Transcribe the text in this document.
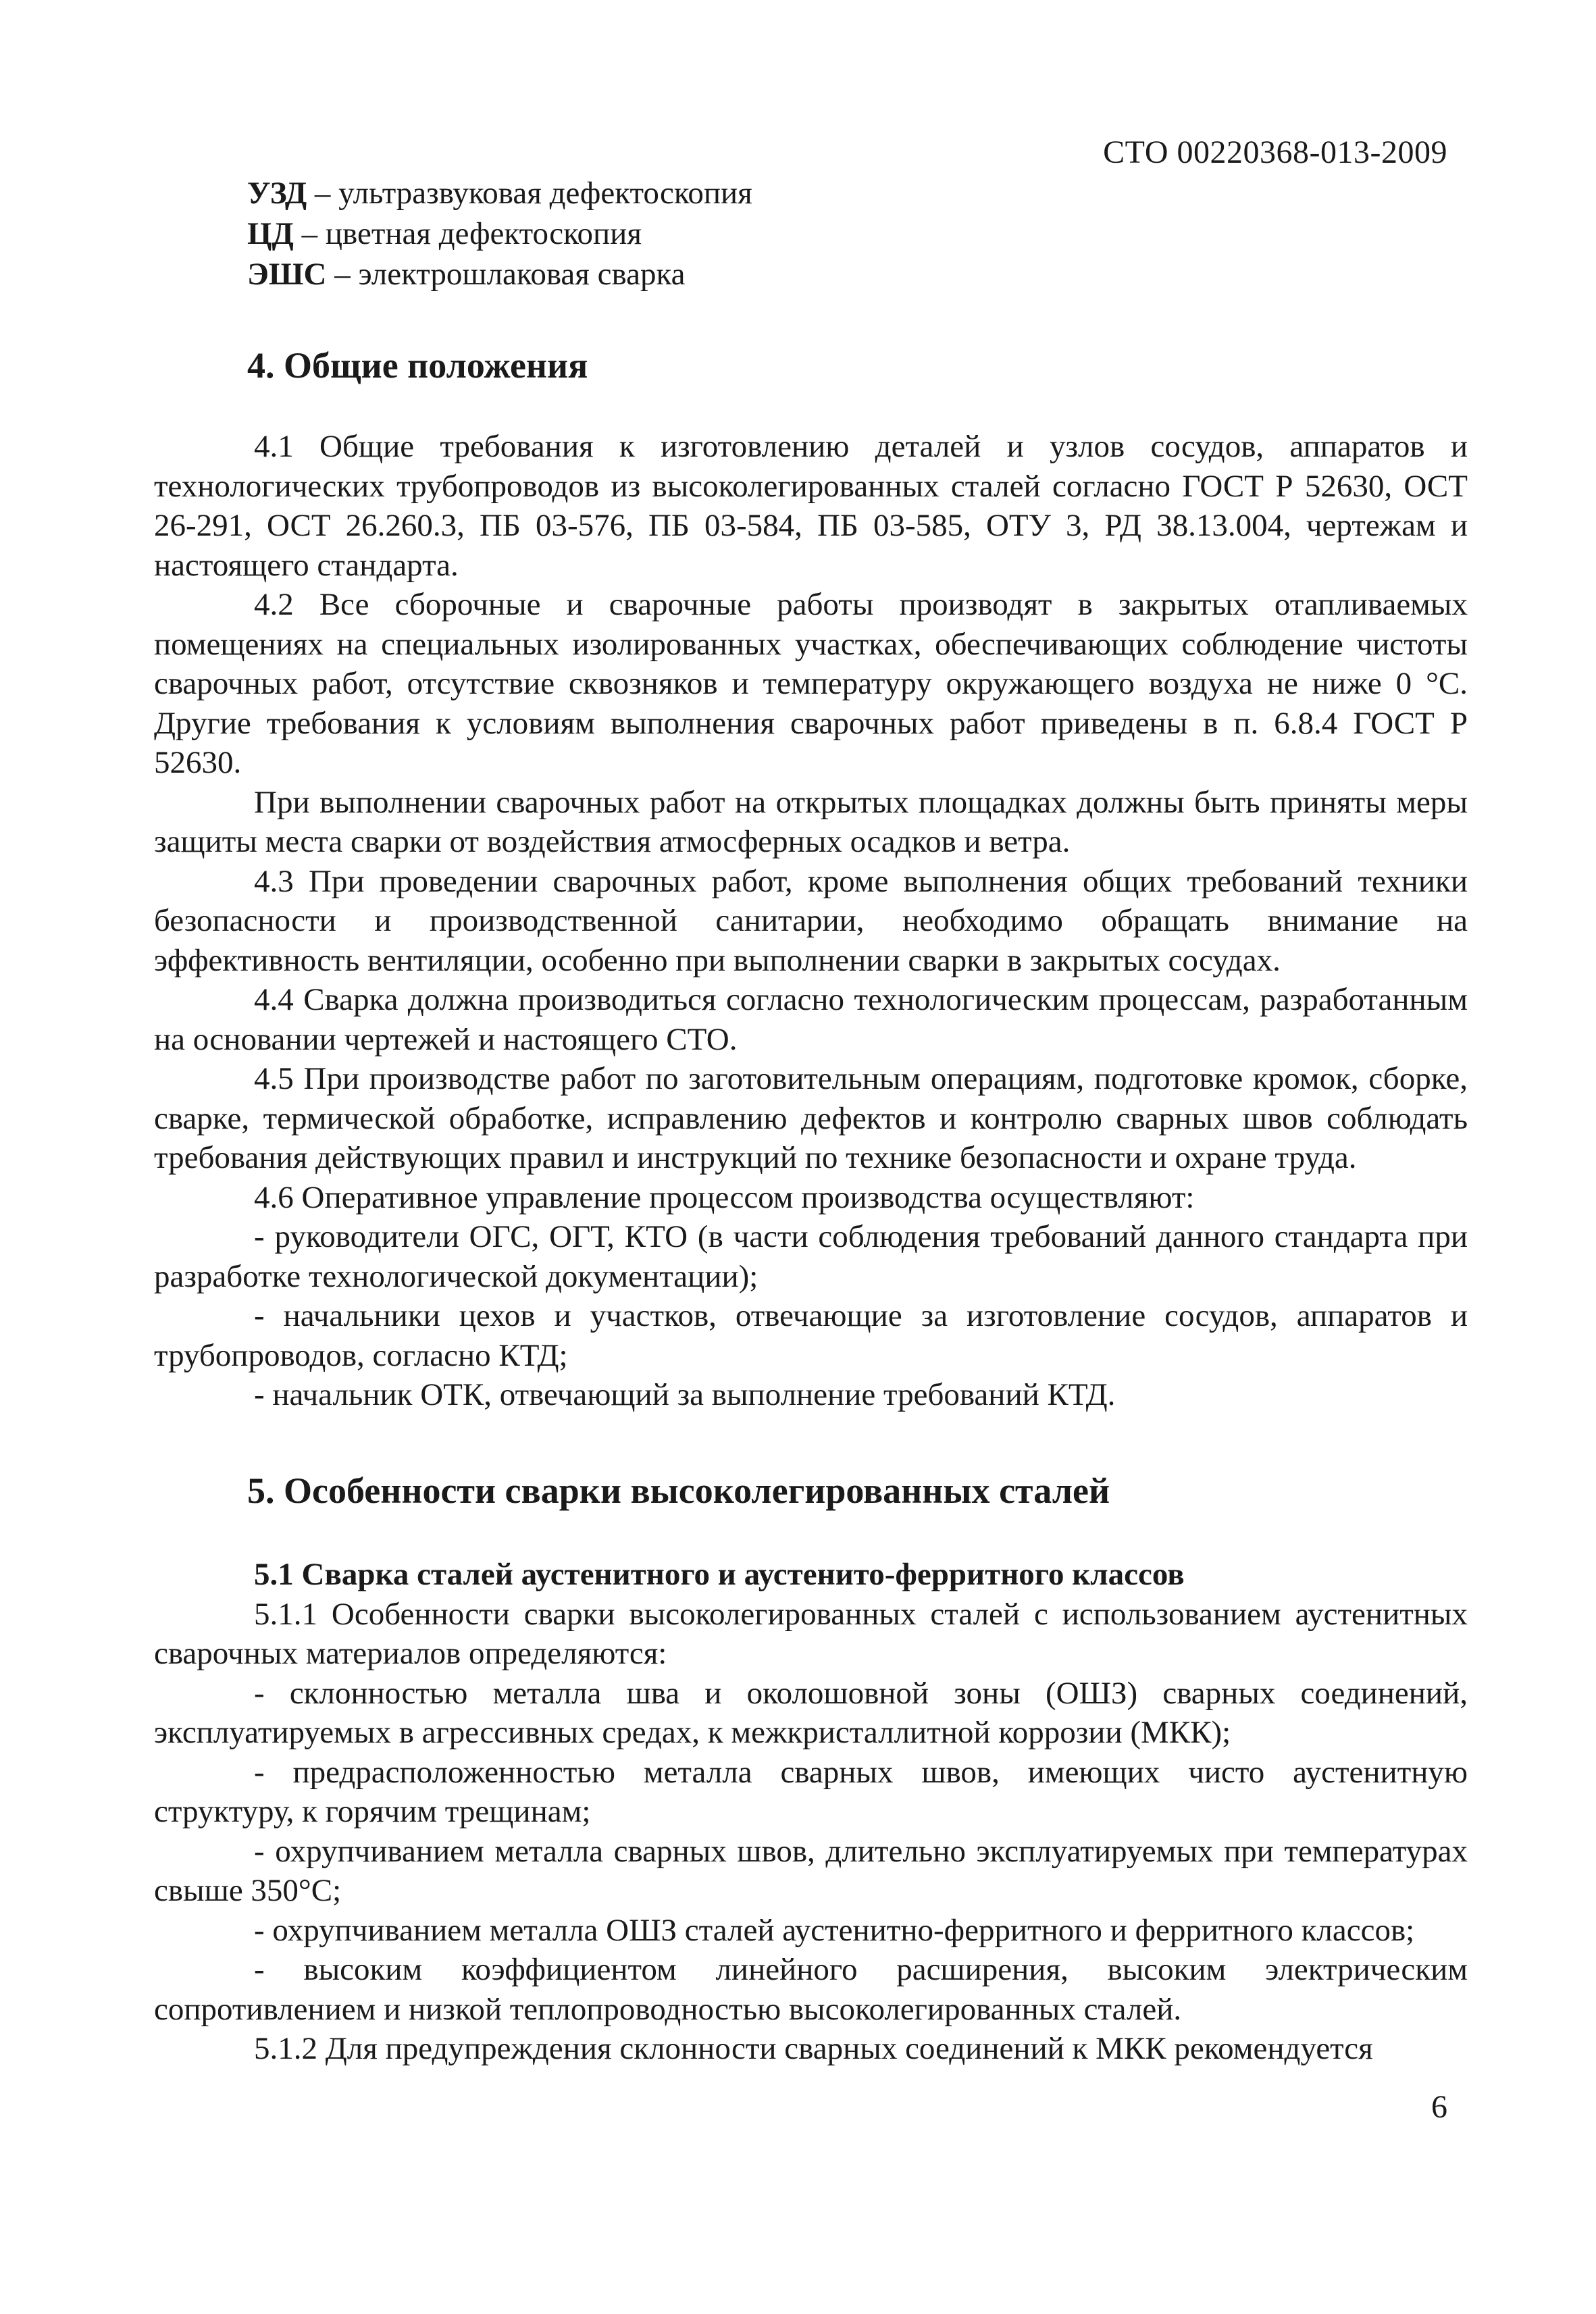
СТО 00220368-013-2009
УЗД – ультразвуковая дефектоскопия
ЦД – цветная дефектоскопия
ЭШС – электрошлаковая сварка
4. Общие положения

4.1 Общие требования к изготовлению деталей и узлов сосудов, аппаратов и технологических трубопроводов из высоколегированных сталей согласно ГОСТ Р 52630, ОСТ 26-291, ОСТ 26.260.3, ПБ 03-576, ПБ 03-584, ПБ 03-585, ОТУ 3, РД 38.13.004, чертежам и настоящего стандарта.

4.2 Все сборочные и сварочные работы производят в закрытых отапливаемых помещениях на специальных изолированных участках, обеспечивающих соблюдение чистоты сварочных работ, отсутствие сквозняков и температуру окружающего воздуха не ниже 0 °С. Другие требования к условиям выполнения сварочных работ приведены в п. 6.8.4 ГОСТ Р 52630.

При выполнении сварочных работ на открытых площадках должны быть приняты меры защиты места сварки от воздействия атмосферных осадков и ветра.

4.3 При проведении сварочных работ, кроме выполнения общих требований техники безопасности и производственной санитарии, необходимо обращать внимание на эффективность вентиляции, особенно при выполнении сварки в закрытых сосудах.

4.4 Сварка должна производиться согласно технологическим процессам, разработанным на основании чертежей и настоящего СТО.

4.5 При производстве работ по заготовительным операциям, подготовке кромок, сборке, сварке, термической обработке, исправлению дефектов и контролю сварных швов соблюдать требования действующих правил и инструкций по технике безопасности и охране труда.

4.6 Оперативное управление процессом производства осуществляют:

- руководители ОГС, ОГТ, КТО (в части соблюдения требований данного стандарта при разработке технологической документации);

- начальники цехов и участков, отвечающие за изготовление сосудов, аппаратов и трубопроводов, согласно КТД;

- начальник ОТК, отвечающий за выполнение требований КТД.

5. Особенности сварки высоколегированных сталей

5.1 Сварка сталей аустенитного и аустенито-ферритного классов

5.1.1 Особенности сварки высоколегированных сталей с использованием аустенитных сварочных материалов определяются:

- склонностью металла шва и околошовной зоны (ОШЗ) сварных соединений, эксплуатируемых в агрессивных средах, к межкристаллитной коррозии (МКК);

- предрасположенностью металла сварных швов, имеющих чисто аустенитную структуру, к горячим трещинам;

- охрупчиванием металла сварных швов, длительно эксплуатируемых при температурах свыше 350°С;

- охрупчиванием металла ОШЗ сталей аустенитно-ферритного и ферритного классов;

- высоким коэффициентом линейного расширения, высоким электрическим сопротивлением и низкой теплопроводностью высоколегированных сталей.

5.1.2 Для предупреждения склонности сварных соединений к МКК рекомендуется

6
